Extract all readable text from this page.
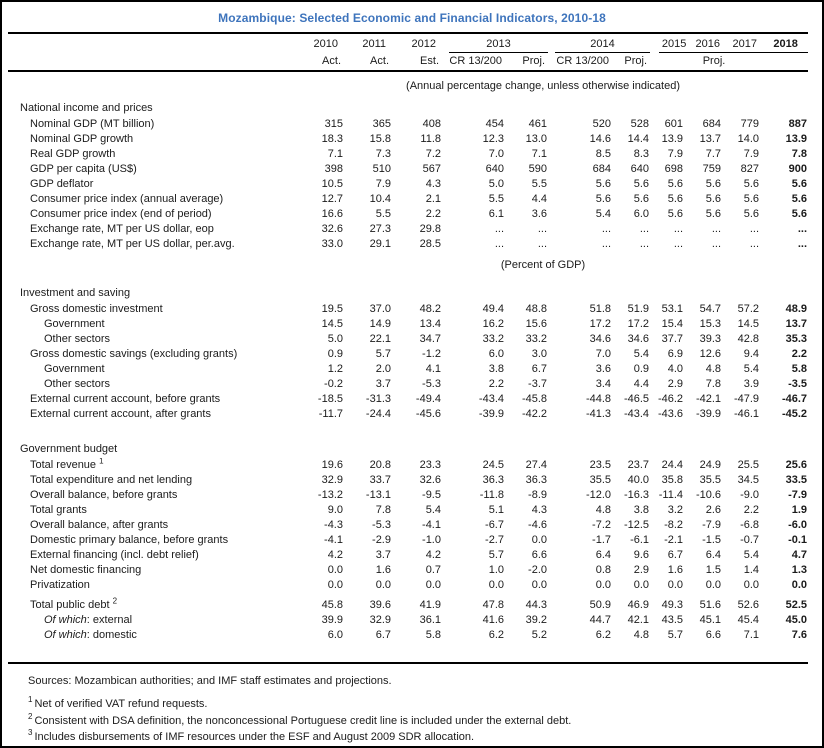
Mozambique: Selected Economic and Financial Indicators, 2010-18
	2010	2011	2012	2013		2014		2015 2016 2017 2018			

	Act.	Act.	Est.	CR 13/200	Proj.	CR 13/200	Proj.	Proj.			
	(Annual percentage change, unless otherwise indicated)										
National income and prices											
Nominal GDP (MT billion)	315	365	408	454	461	520	528	601	684	779	887
Nominal GDP growth	18.3	15.8	11.8	12.3	13.0	14.6	14.4	13.9	13.7	14.0	13.9
Real GDP growth	7.1	7.3	7.2	7.0	7.1	8.5	8.3	7.9	7.7	7.9	7.8
GDP per capita (US$)	398	510	567	640	590	684	640	698	759	827	900
GDP deflator	10.5	7.9	4.3	5.0	5.5	5.6	5.6	5.6	5.6	5.6	5.6
Consumer price index (annual average)	12.7	10.4	2.1	5.5	4.4	5.6	5.6	5.6	5.6	5.6	5.6
Consumer price index (end of period)	16.6	5.5	2.2	6.1	3.6	5.4	6.0	5.6	5.6	5.6	5.6
Exchange rate, MT per US dollar, eop	32.6	27.3	29.8	...	...	...	...	...	...	...	...
Exchange rate, MT per US dollar, per.avg.	33.0	29.1	28.5	...	...	...	...	...	...	...	...
	(Percent of GDP)										
Investment and saving											
Gross domestic investment	19.5	37.0	48.2	49.4	48.8	51.8	51.9	53.1	54.7	57.2	48.9
Government	14.5	14.9	13.4	16.2	15.6	17.2	17.2	15.4	15.3	14.5	13.7
Other sectors	5.0	22.1	34.7	33.2	33.2	34.6	34.6	37.7	39.3	42.8	35.3
Gross domestic savings (excluding grants)	0.9	5.7	-1.2	6.0	3.0	7.0	5.4	6.9	12.6	9.4	2.2
Government	1.2	2.0	4.1	3.8	6.7	3.6	0.9	4.0	4.8	5.4	5.8
Other sectors	-0.2	3.7	-5.3	2.2	-3.7	3.4	4.4	2.9	7.8	3.9	-3.5
External current account, before grants	-18.5	-31.3	-49.4	-43.4	-45.8	-44.8	-46.5	-46.2	-42.1	-47.9	-46.7
External current account, after grants	-11.7	-24.4	-45.6	-39.9	-42.2	-41.3	-43.4	-43.6	-39.9	-46.1	-45.2
Government budget											
Total revenue $^1$	19.6	20.8	23.3	24.5	27.4	23.5	23.7	24.4	24.9	25.5	25.6
Total expenditure and net lending	32.9	33.7	32.6	36.3	36.3	35.5	40.0	35.8	35.5	34.5	33.5
Overall balance, before grants	-13.2	-13.1	-9.5	-11.8	-8.9	-12.0	-16.3	-11.4	-10.6	-9.0	-7.9
Total grants	9.0	7.8	5.4	5.1	4.3	4.8	3.8	3.2	2.6	2.2	1.9
Overall balance, after grants	-4.3	-5.3	-4.1	-6.7	-4.6	-7.2	-12.5	-8.2	-7.9	-6.8	-6.0
Domestic primary balance, before grants	-4.1	-2.9	-1.0	-2.7	0.0	-1.7	-6.1	-2.1	-1.5	-0.7	-0.1
External financing (incl. debt relief)	4.2	3.7	4.2	5.7	6.6	6.4	9.6	6.7	6.4	5.4	4.7
Net domestic financing	0.0	1.6	0.7	1.0	-2.0	0.8	2.9	1.6	1.5	1.4	1.3
Privatization	0.0	0.0	0.0	0.0	0.0	0.0	0.0	0.0	0.0	0.0	0.0
Total public debt $^2$	45.8	39.6	41.9	47.8	44.3	50.9	46.9	49.3	51.6	52.6	52.5
Of which: external	39.9	32.9	36.1	41.6	39.2	44.7	42.1	43.5	45.1	45.4	45.0
Of which: domestic	6.0	6.7	5.8	6.2	5.2	6.2	4.8	5.7	6.6	7.1	7.6

Sources: Mozambican authorities; and IMF staff estimates and projections.
$^1$ Net of verified VAT refund requests.
$^2$ Consistent with DSA definition, the nonconcessional Portuguese credit line is included under the external debt.
$^3$ Includes disbursements of IMF resources under the ESF and August 2009 SDR allocation.
